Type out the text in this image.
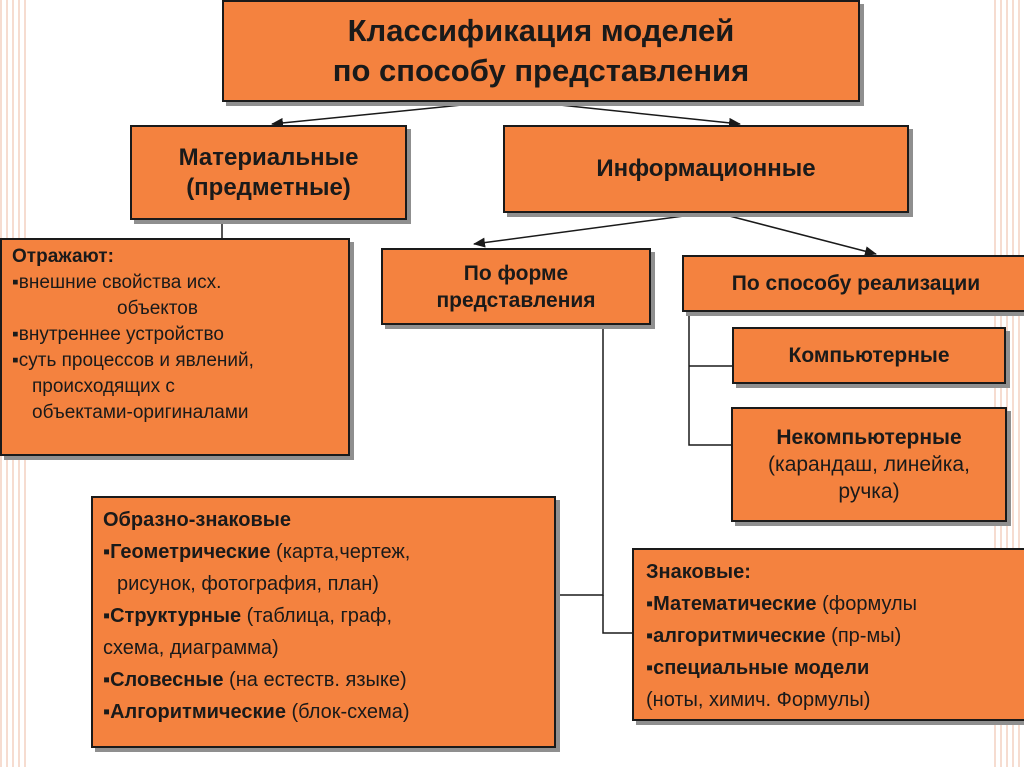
Классификация моделей
по способу представления
Материальные
(предметные)
Информационные
Отражают:
▪внешние свойства исх.
объектов
▪внутреннее устройство
▪суть процессов и явлений,
происходящих с
объектами-оригиналами
По форме
представления
По способу реализации
Компьютерные
Некомпьютерные
(карандаш, линейка,
ручка)
Образно-знаковые
▪Геометрические (карта,чертеж,
рисунок, фотография, план)
▪Структурные (таблица, граф,
схема, диаграмма)
▪Словесные (на естеств. языке)
▪Алгоритмические (блок-схема)
Знаковые:
▪Математические (формулы
▪алгоритмические (пр-мы)
▪специальные модели
(ноты, химич. Формулы)
